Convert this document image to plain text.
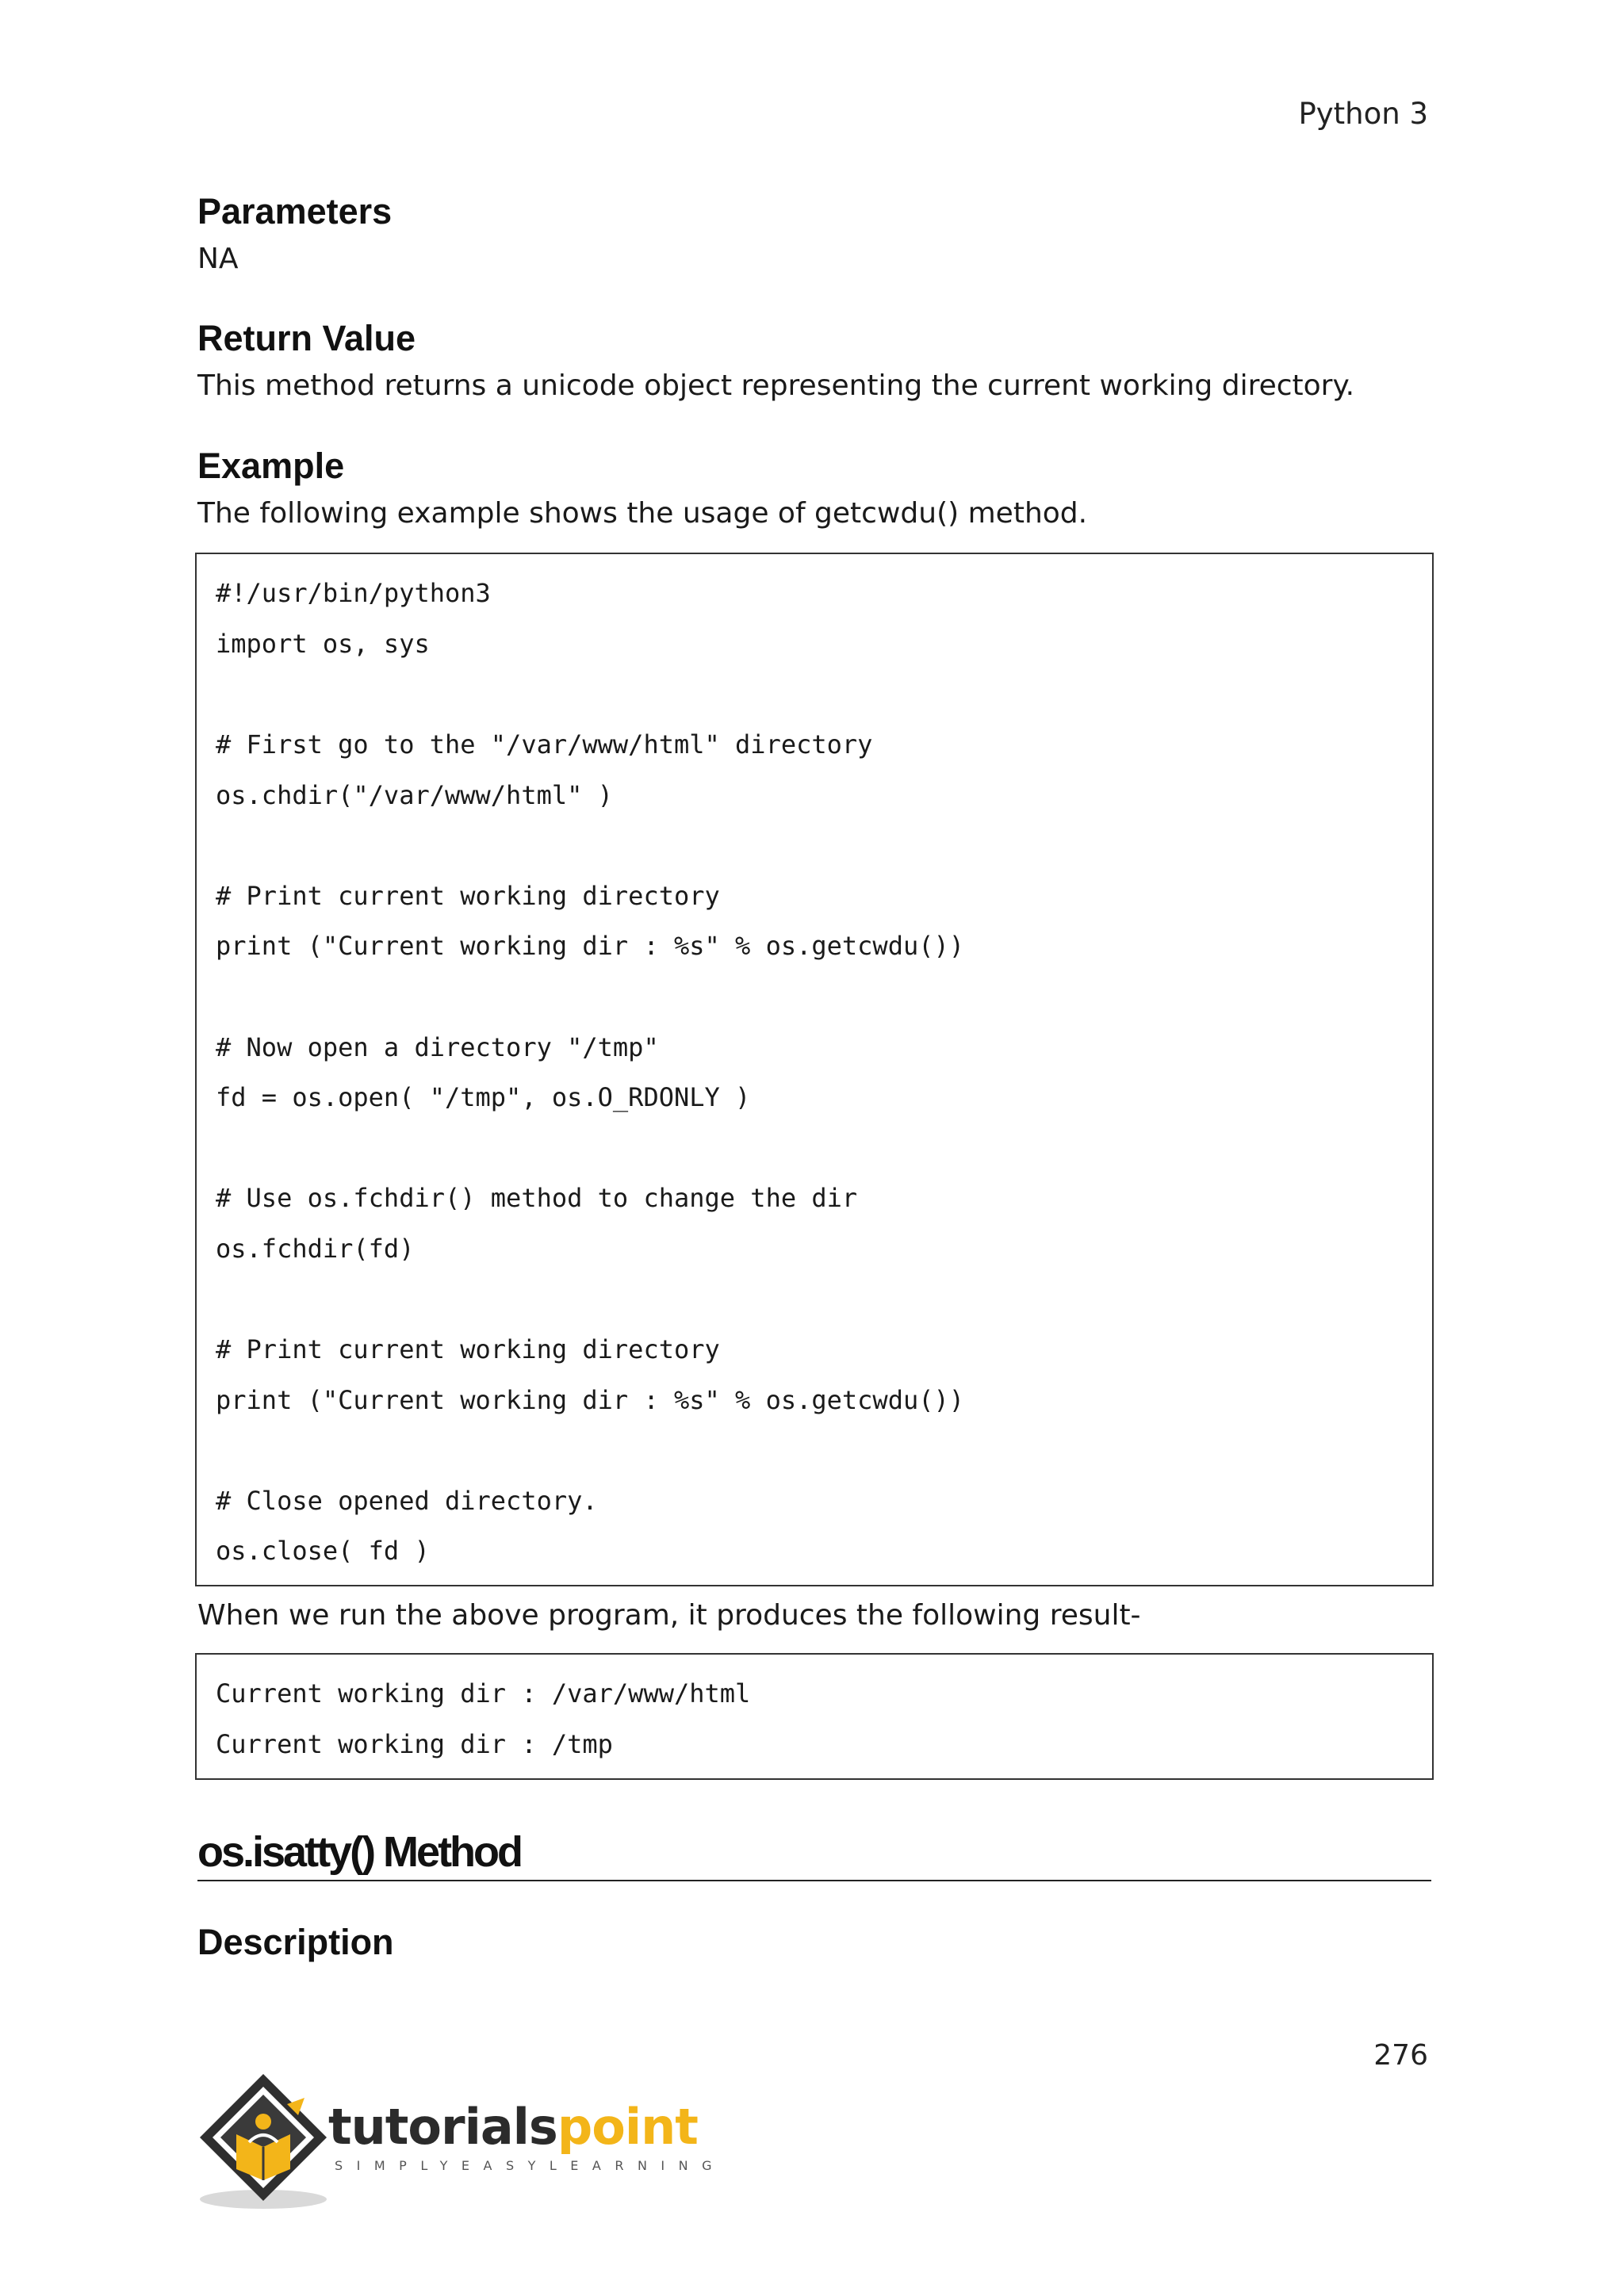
Python 3
Parameters

NA

Return Value

This method returns a unicode object representing the current working directory.

Example

The following example shows the usage of getcwdu() method.

#!/usr/bin/python3
import os, sys
# First go to the "/var/www/html" directory
os.chdir("/var/www/html" )
# Print current working directory
print ("Current working dir : %s" % os.getcwdu())
# Now open a directory "/tmp"
fd = os.open( "/tmp", os.O_RDONLY )
# Use os.fchdir() method to change the dir
os.fchdir(fd)
# Print current working directory
print ("Current working dir : %s" % os.getcwdu())
# Close opened directory.
os.close( fd )

When we run the above program, it produces the following result-

Current working dir : /var/www/html
Current working dir : /tmp
os.isatty() Method
Description
276
tutorialspoint
SIMPLYEASYLEARNING
